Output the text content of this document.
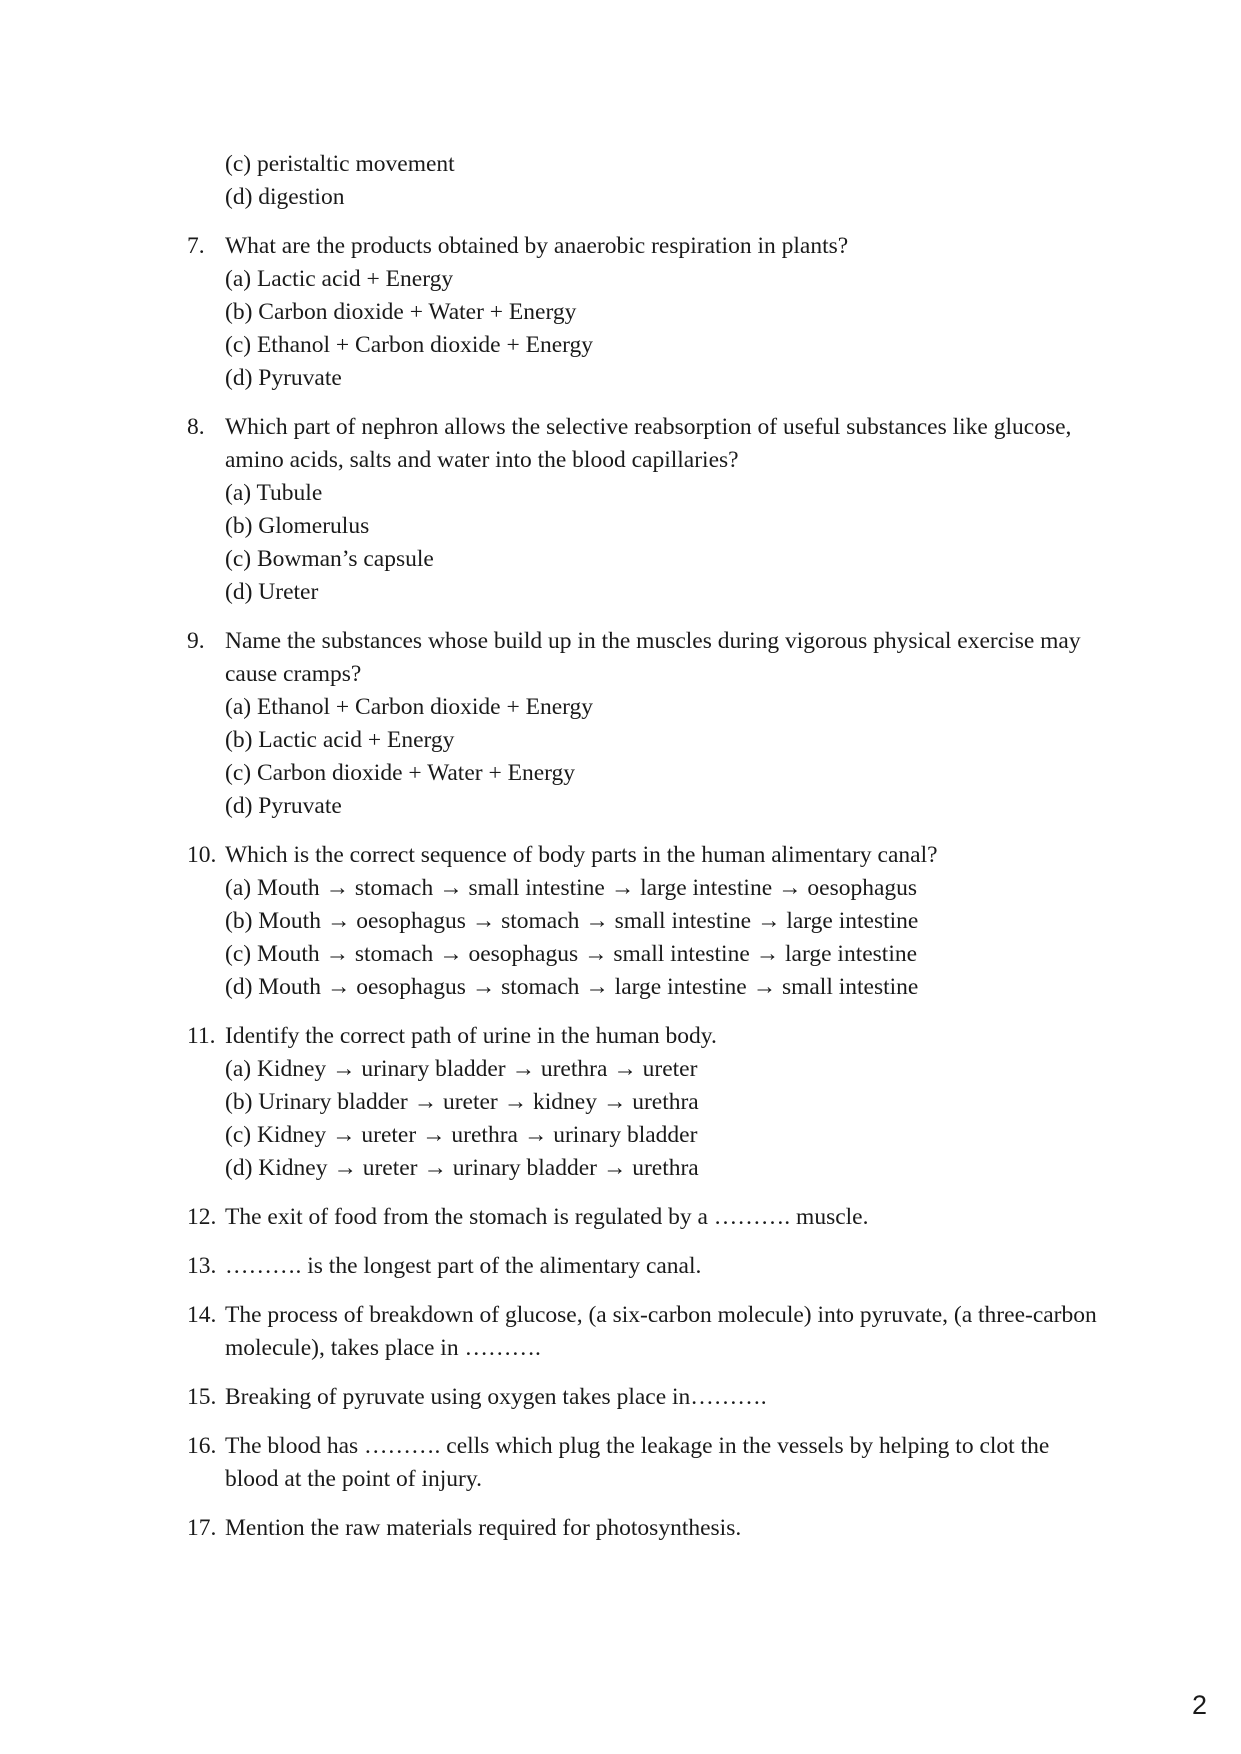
(c) peristaltic movement
(d) digestion
7. What are the products obtained by anaerobic respiration in plants?
(a) Lactic acid + Energy
(b) Carbon dioxide + Water + Energy
(c) Ethanol + Carbon dioxide + Energy
(d) Pyruvate
8. Which part of nephron allows the selective reabsorption of useful substances like glucose, amino acids, salts and water into the blood capillaries?
(a) Tubule
(b) Glomerulus
(c) Bowman’s capsule
(d) Ureter
9. Name the substances whose build up in the muscles during vigorous physical exercise may cause cramps?
(a) Ethanol + Carbon dioxide + Energy
(b) Lactic acid + Energy
(c) Carbon dioxide + Water + Energy
(d) Pyruvate
10. Which is the correct sequence of body parts in the human alimentary canal?
(a) Mouth → stomach → small intestine → large intestine → oesophagus
(b) Mouth → oesophagus → stomach → small intestine → large intestine
(c) Mouth → stomach → oesophagus → small intestine → large intestine
(d) Mouth → oesophagus → stomach → large intestine → small intestine
11. Identify the correct path of urine in the human body.
(a) Kidney → urinary bladder → urethra → ureter
(b) Urinary bladder → ureter → kidney → urethra
(c) Kidney → ureter → urethra → urinary bladder
(d) Kidney → ureter → urinary bladder → urethra
12. The exit of food from the stomach is regulated by a ………. muscle.
13. ………. is the longest part of the alimentary canal.
14. The process of breakdown of glucose, (a six-carbon molecule) into pyruvate, (a three-carbon molecule), takes place in ……….
15. Breaking of pyruvate using oxygen takes place in……….
16. The blood has ………. cells which plug the leakage in the vessels by helping to clot the blood at the point of injury.
17. Mention the raw materials required for photosynthesis.
2
